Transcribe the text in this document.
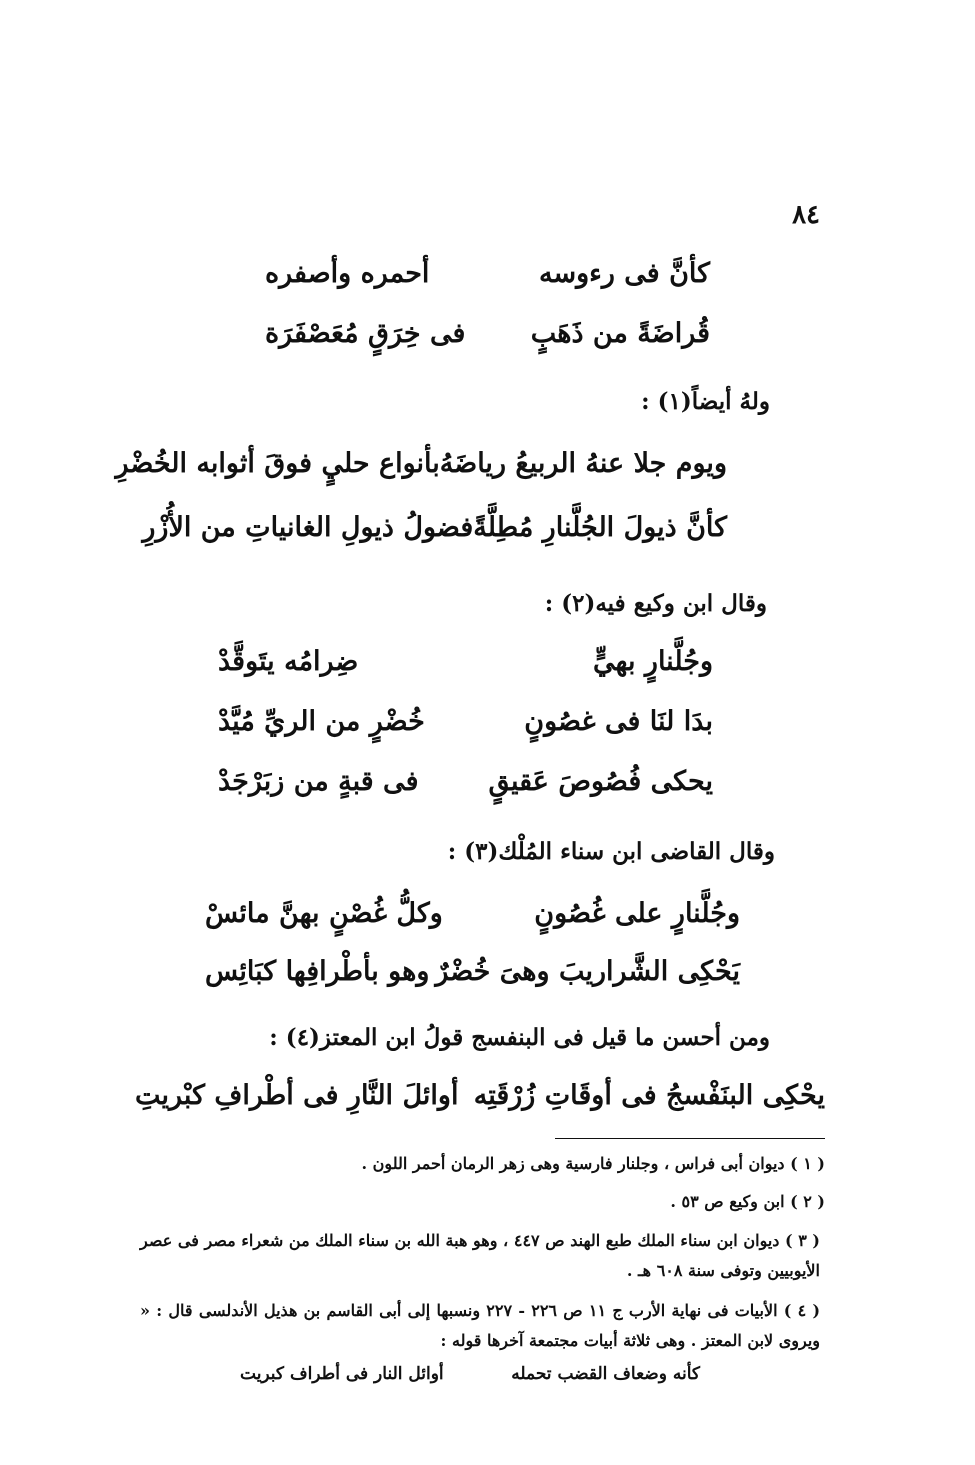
٨٤
كأنَّ فى رءوسه
أحمره وأصفره
قُراضَةً من ذَهَبٍ
فى خِرَقٍ مُعَصْفَرَة
ولهُ أيضاً(١) :
ويوم جلا عنهُ الربيعُ رياضَهُ
بأنواع حليٍ فوقَ أثوابه الخُضْرِ
كأنَّ ذيولَ الجُلَّنارِ مُطِلَّةً
فضولُ ذيولِ الغانياتِ من الأُزْرِ
وقال ابن وكيع فيه(٢) :
وجُلَّنارٍ بهيٍّ
ضِرامُه يتَوقَّدْ
بدَا لنَا فى غصُونٍ
خُضْرٍ من الريِّ مُيَّدْ
يحكى فُصُوصَ عَقيقٍ
فى قبةٍ من زبَرْجَدْ
وقال القاضى ابن سناء المُلْك(٣) :
وجُلَّنارٍ على غُصُونٍ
وكلُّ غُصْنٍ بهنَّ مائسْ
يَحْكِى الشَّراريبَ وهىَ خُضْرٌ
وهو بأطْرافِها كبَائِس
ومن أحسن ما قيل فى البنفسج قولُ ابن المعتز(٤) :
يحْكِى البنَفْسجُ فى أوقَاتِ زُرْقَتِه
أوائلَ النَّارِ فى أطْرافِ كبْريتِ
( ١ ) ديوان أبى فراس ، وجلنار فارسية وهى زهر الرمان أحمر اللون .
( ٢ ) ابن وكيع ص ٥٣ .
( ٣ ) ديوان ابن سناء الملك طبع الهند ص ٤٤٧ ، وهو هبة الله بن سناء الملك من شعراء مصر فى عصر الأيوبيين وتوفى سنة ٦٠٨ هـ .
( ٤ ) الأبيات فى نهاية الأرب ج ١١ ص ٢٢٦ - ٢٢٧ ونسبها إلى أبى القاسم بن هذيل الأندلسى قال : « ويروى لابن المعتز . وهى ثلاثة أبيات مجتمعة آخرها قوله :
كأنه وضعاف القضب تحمله
أوائل النار فى أطراف كبريت
